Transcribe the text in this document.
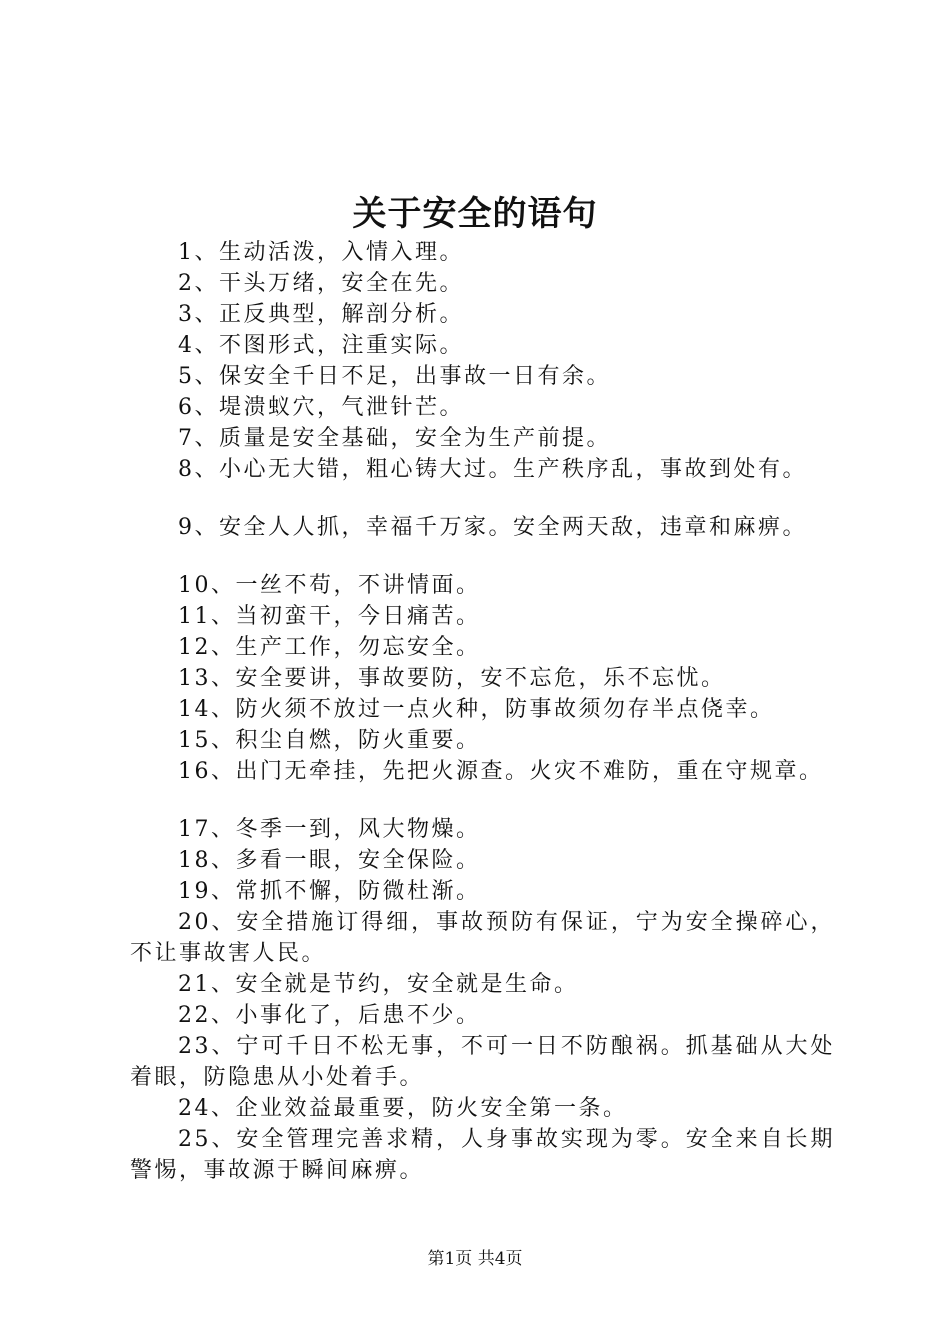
关于安全的语句

1、生动活泼，入情入理。

2、干头万绪，安全在先。

3、正反典型，解剖分析。

4、不图形式，注重实际。

5、保安全千日不足，出事故一日有余。

6、堤溃蚁穴，气泄针芒。

7、质量是安全基础，安全为生产前提。

8、小心无大错，粗心铸大过。生产秩序乱，事故到处有。

9、安全人人抓，幸福千万家。安全两天敌，违章和麻痹。

10、一丝不苟，不讲情面。

11、当初蛮干，今日痛苦。

12、生产工作，勿忘安全。

13、安全要讲，事故要防，安不忘危，乐不忘忧。

14、防火须不放过一点火种，防事故须勿存半点侥幸。

15、积尘自燃，防火重要。

16、出门无牵挂，先把火源查。火灾不难防，重在守规章。

17、冬季一到，风大物燥。

18、多看一眼，安全保险。

19、常抓不懈，防微杜渐。

20、安全措施订得细，事故预防有保证，宁为安全操碎心，不让事故害人民。

21、安全就是节约，安全就是生命。

22、小事化了，后患不少。

23、宁可千日不松无事，不可一日不防酿祸。抓基础从大处着眼，防隐患从小处着手。

24、企业效益最重要，防火安全第一条。

25、安全管理完善求精，人身事故实现为零。安全来自长期警惕，事故源于瞬间麻痹。

第1页 共4页
